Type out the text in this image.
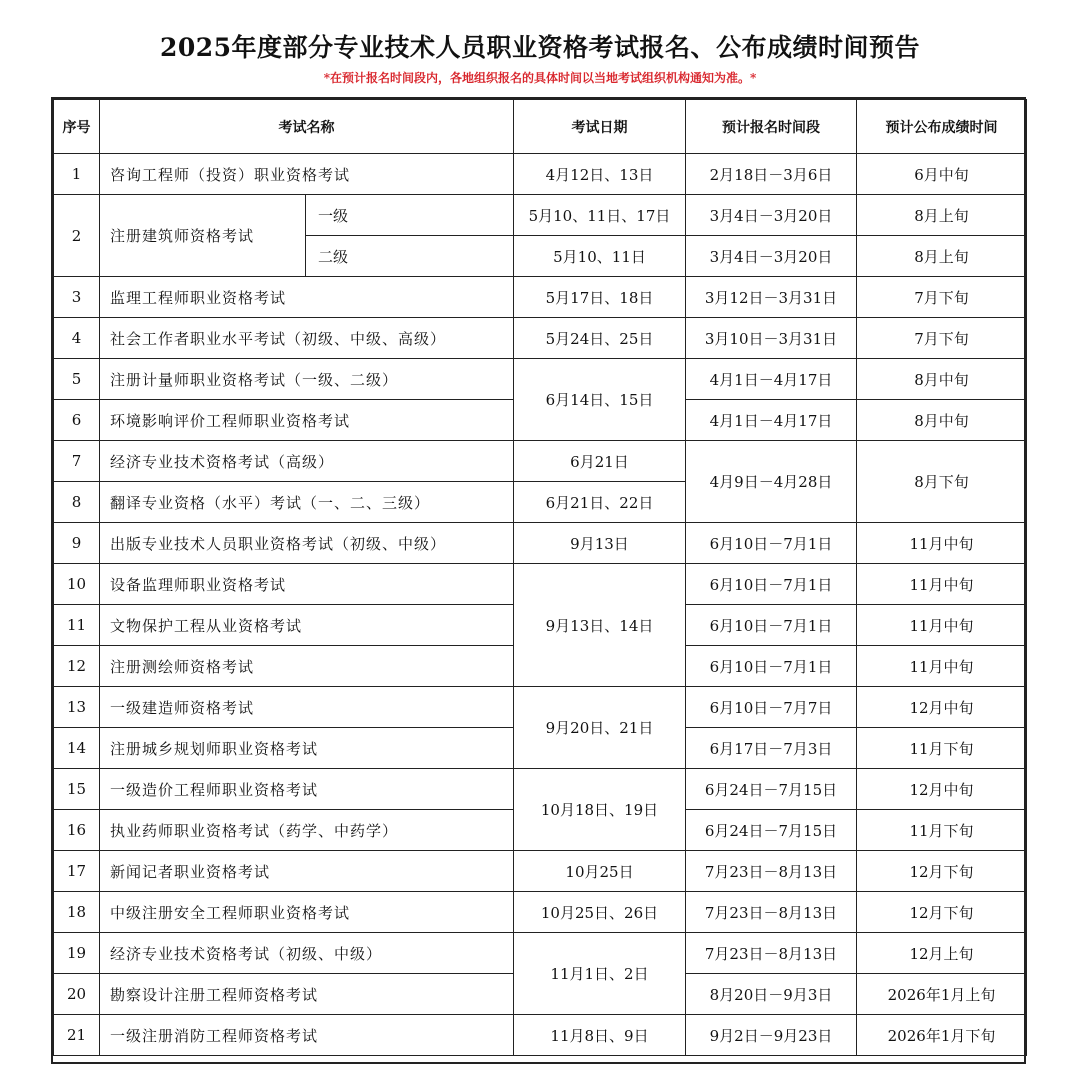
2025年度部分专业技术人员职业资格考试报名、公布成绩时间预告
*在预计报名时间段内，各地组织报名的具体时间以当地考试组织机构通知为准。*
序号	考试名称		考试日期	预计报名时间段	预计公布成绩时间
1	咨询工程师（投资）职业资格考试		4月12日、13日	2月18日－3月6日	6月中旬
2	注册建筑师资格考试	一级	5月10、11日、17日	3月4日－3月20日	8月上旬
		二级	5月10、11日	3月4日－3月20日	8月上旬
3	监理工程师职业资格考试		5月17日、18日	3月12日－3月31日	7月下旬
4	社会工作者职业水平考试（初级、中级、高级）		5月24日、25日	3月10日－3月31日	7月下旬
5	注册计量师职业资格考试（一级、二级）		6月14日、15日	4月1日－4月17日	8月中旬
6	环境影响评价工程师职业资格考试			4月1日－4月17日	8月中旬
7	经济专业技术资格考试（高级）		6月21日	4月9日－4月28日	8月下旬
8	翻译专业资格（水平）考试（一、二、三级）		6月21日、22日		
9	出版专业技术人员职业资格考试（初级、中级）		9月13日	6月10日－7月1日	11月中旬
10	设备监理师职业资格考试		9月13日、14日	6月10日－7月1日	11月中旬
11	文物保护工程从业资格考试			6月10日－7月1日	11月中旬
12	注册测绘师资格考试			6月10日－7月1日	11月中旬
13	一级建造师资格考试		9月20日、21日	6月10日－7月7日	12月中旬
14	注册城乡规划师职业资格考试			6月17日－7月3日	11月下旬
15	一级造价工程师职业资格考试		10月18日、19日	6月24日－7月15日	12月中旬
16	执业药师职业资格考试（药学、中药学）			6月24日－7月15日	11月下旬
17	新闻记者职业资格考试		10月25日	7月23日－8月13日	12月下旬
18	中级注册安全工程师职业资格考试		10月25日、26日	7月23日－8月13日	12月下旬
19	经济专业技术资格考试（初级、中级）		11月1日、2日	7月23日－8月13日	12月上旬
20	勘察设计注册工程师资格考试			8月20日－9月3日	2026年1月上旬
21	一级注册消防工程师资格考试		11月8日、9日	9月2日－9月23日	2026年1月下旬
